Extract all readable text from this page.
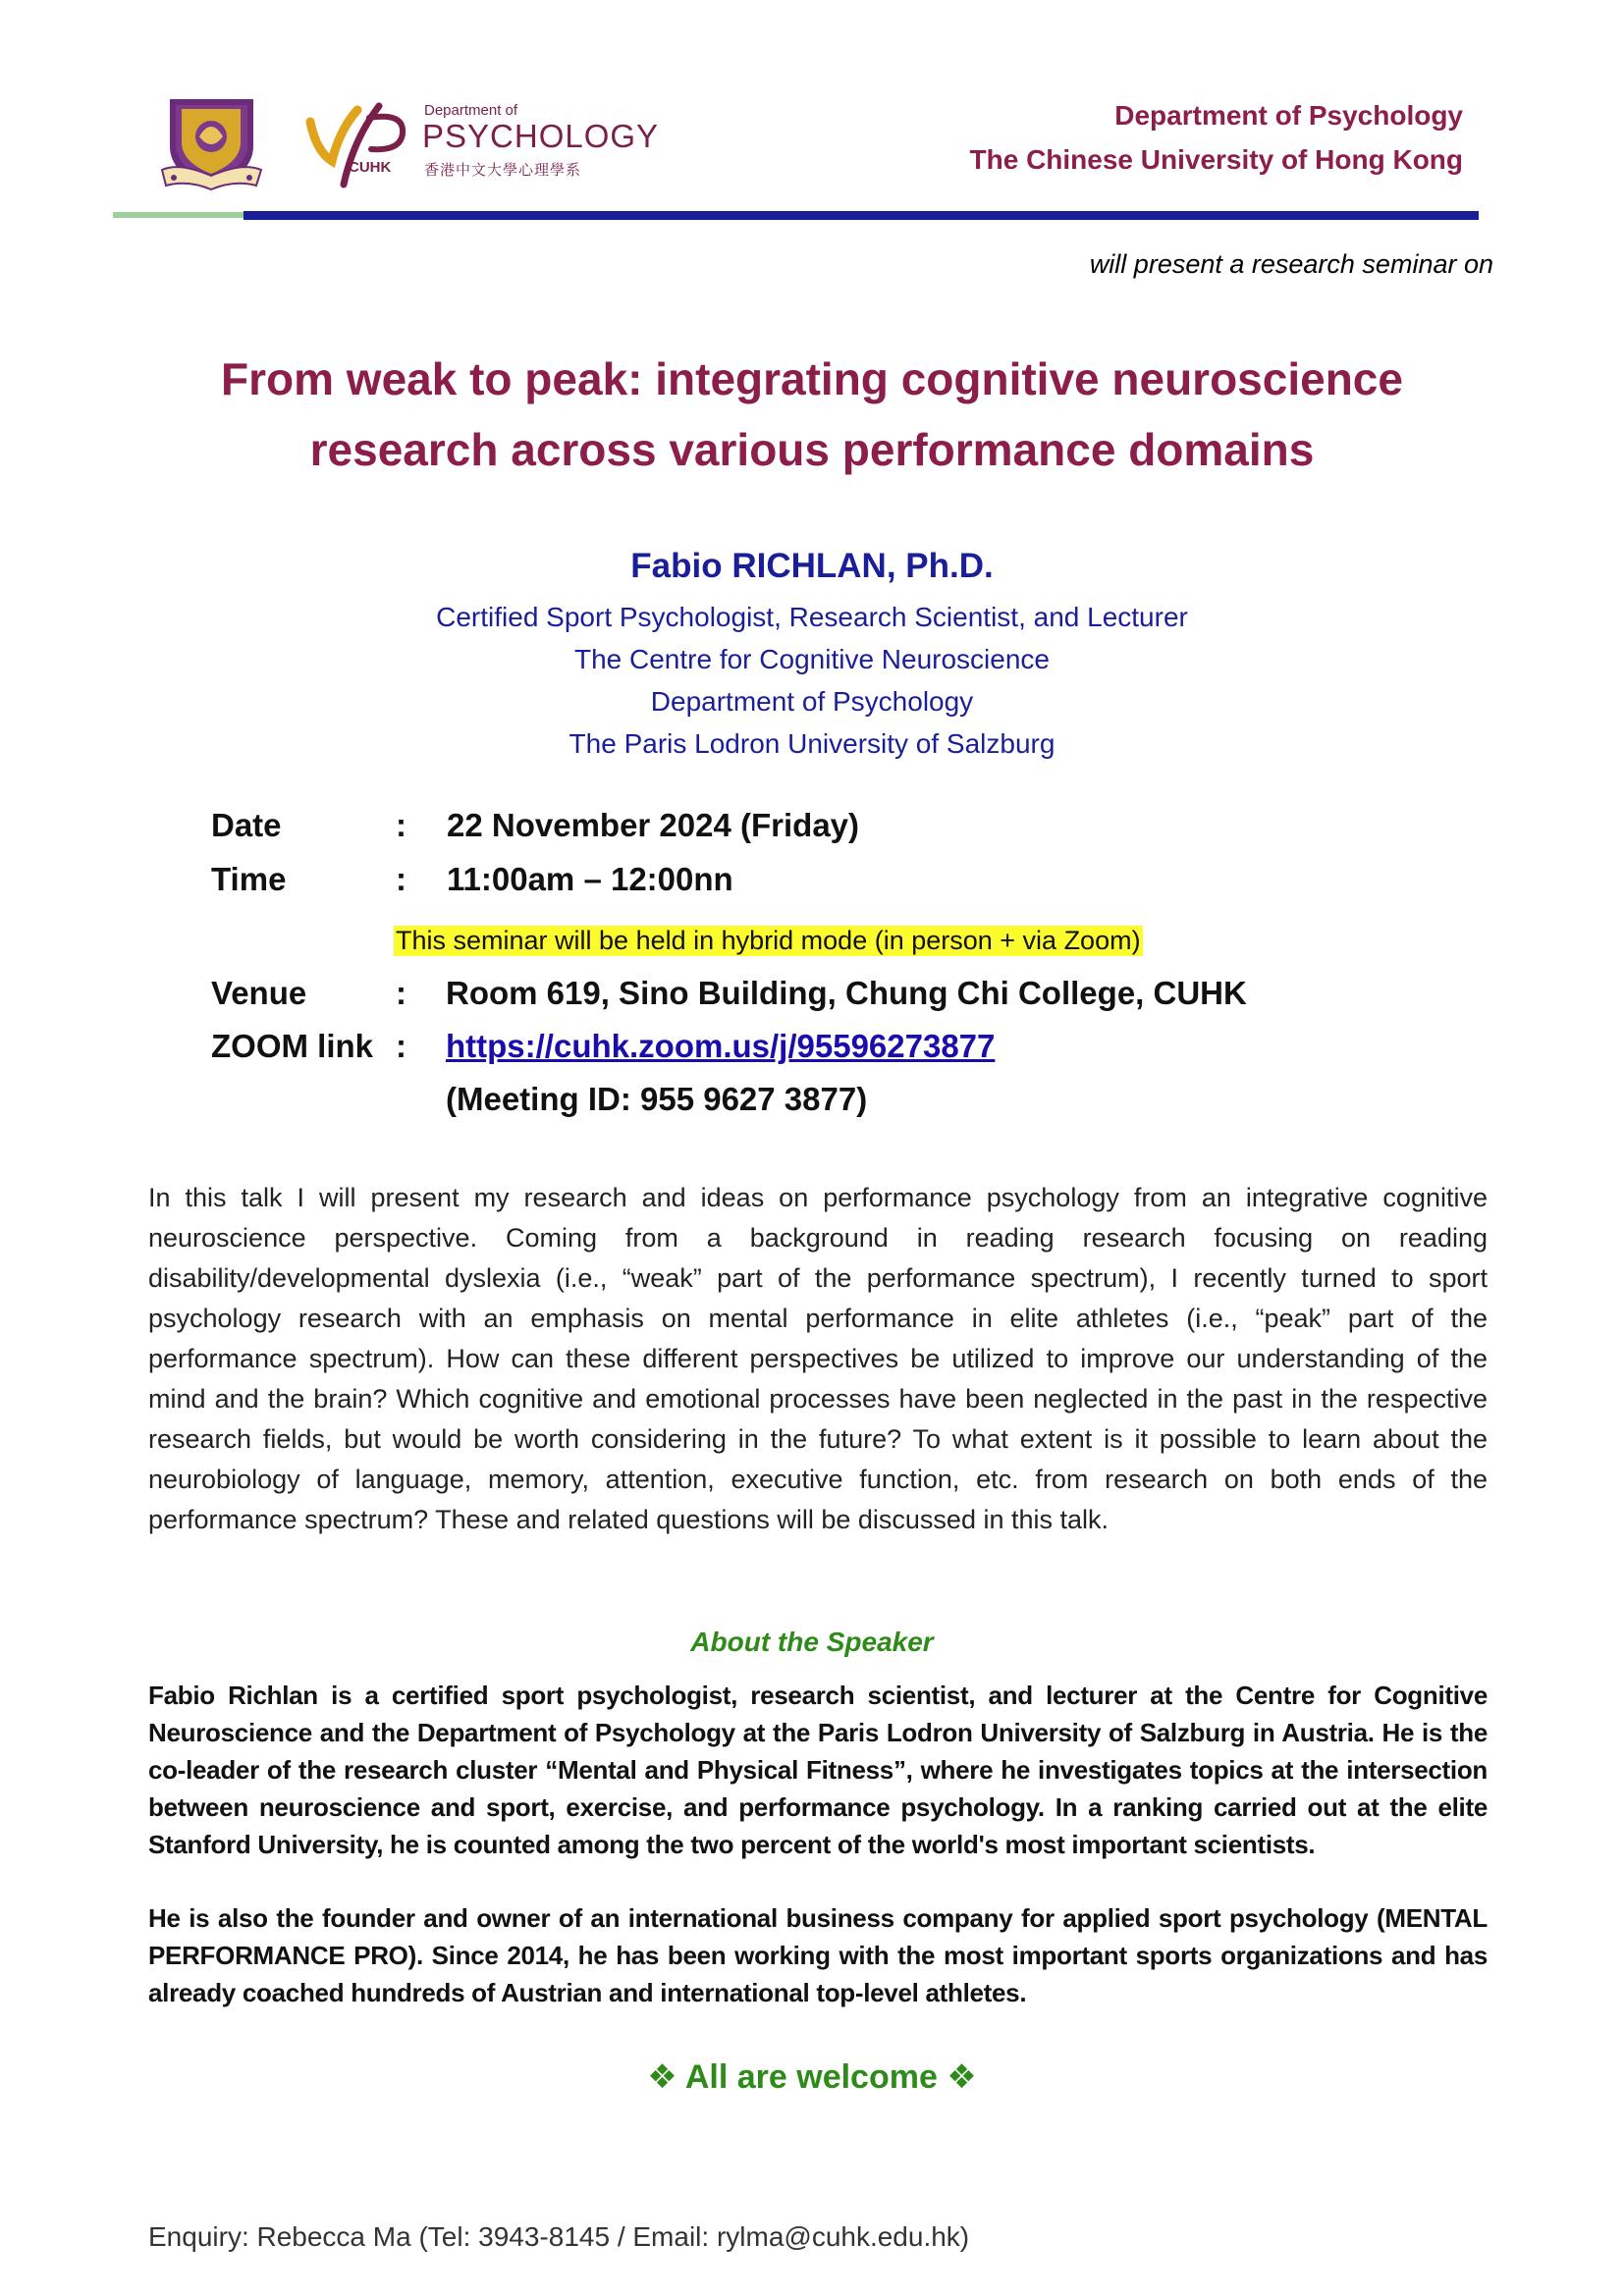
Department of
PSYCHOLOGY
CUHK 香港中文大學心理學系
Department of Psychology
The Chinese University of Hong Kong
will present a research seminar on
From weak to peak: integrating cognitive neuroscience
research across various performance domains
Fabio RICHLAN, Ph.D.
Certified Sport Psychologist, Research Scientist, and Lecturer
The Centre for Cognitive Neuroscience
Department of Psychology
The Paris Lodron University of Salzburg
Date	: 22 November 2024 (Friday)
Time	: 11:00am – 12:00nn
This seminar will be held in hybrid mode (in person + via Zoom)
Venue	: Room 619, Sino Building, Chung Chi College, CUHK
ZOOM link : https://cuhk.zoom.us/j/95596273877
(Meeting ID: 955 9627 3877)
In this talk I will present my research and ideas on performance psychology from an integrative cognitive neuroscience perspective. Coming from a background in reading research focusing on reading disability/developmental dyslexia (i.e., “weak” part of the performance spectrum), I recently turned to sport psychology research with an emphasis on mental performance in elite athletes (i.e., “peak” part of the performance spectrum). How can these different perspectives be utilized to improve our understanding of the mind and the brain? Which cognitive and emotional processes have been neglected in the past in the respective research fields, but would be worth considering in the future? To what extent is it possible to learn about the neurobiology of language, memory, attention, executive function, etc. from research on both ends of the performance spectrum? These and related questions will be discussed in this talk.
About the Speaker
Fabio Richlan is a certified sport psychologist, research scientist, and lecturer at the Centre for Cognitive Neuroscience and the Department of Psychology at the Paris Lodron University of Salzburg in Austria. He is the co-leader of the research cluster “Mental and Physical Fitness”, where he investigates topics at the intersection between neuroscience and sport, exercise, and performance psychology. In a ranking carried out at the elite Stanford University, he is counted among the two percent of the world's most important scientists.
He is also the founder and owner of an international business company for applied sport psychology (MENTAL PERFORMANCE PRO). Since 2014, he has been working with the most important sports organizations and has already coached hundreds of Austrian and international top-level athletes.
❖ All are welcome ❖
Enquiry: Rebecca Ma (Tel: 3943-8145 / Email: rylma@cuhk.edu.hk)
